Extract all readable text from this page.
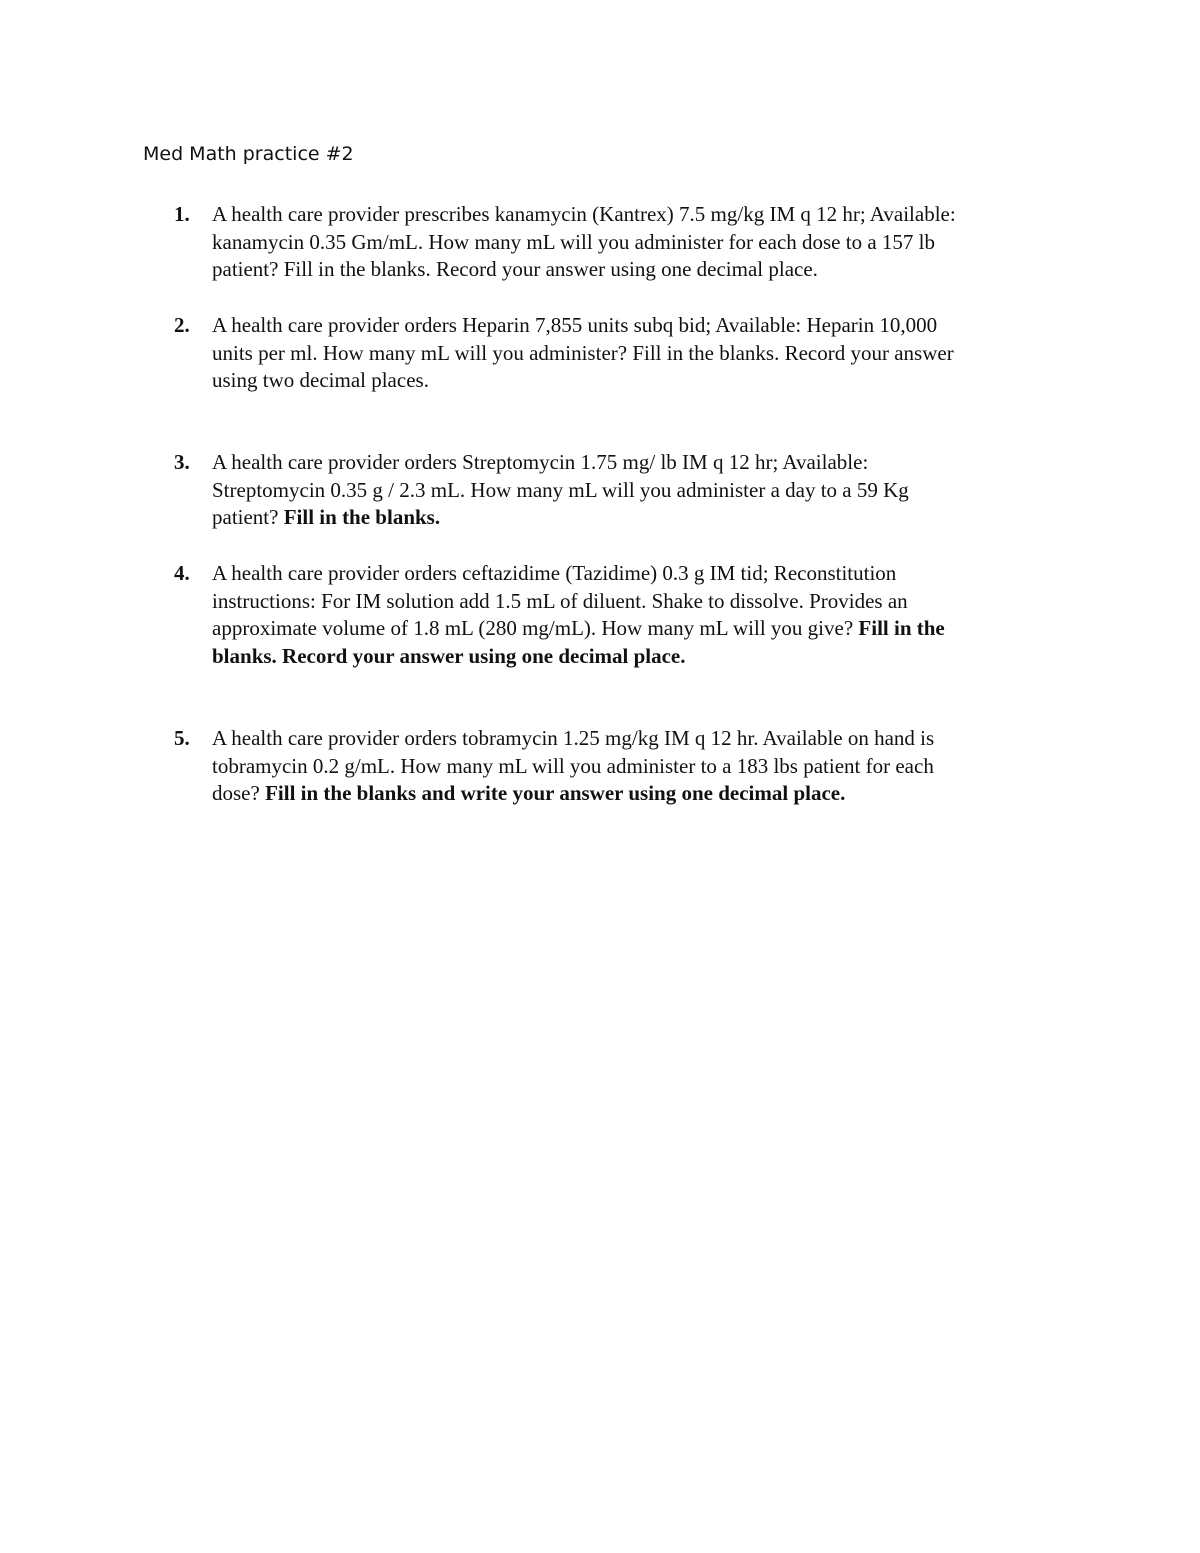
Med Math practice #2
1. A health care provider prescribes kanamycin (Kantrex) 7.5 mg/kg IM q 12 hr; Available:
kanamycin 0.35 Gm/mL. How many mL will you administer for each dose to a 157 lb
patient? Fill in the blanks. Record your answer using one decimal place.
2. A health care provider orders Heparin 7,855 units subq bid; Available: Heparin 10,000
units per ml. How many mL will you administer? Fill in the blanks. Record your answer
using two decimal places.
3. A health care provider orders Streptomycin 1.75 mg/ lb IM q 12 hr; Available:
Streptomycin 0.35 g / 2.3 mL. How many mL will you administer a day to a 59 Kg
patient? Fill in the blanks.
4. A health care provider orders ceftazidime (Tazidime) 0.3 g IM tid; Reconstitution
instructions: For IM solution add 1.5 mL of diluent. Shake to dissolve. Provides an
approximate volume of 1.8 mL (280 mg/mL). How many mL will you give? Fill in the
blanks. Record your answer using one decimal place.
5. A health care provider orders tobramycin 1.25 mg/kg IM q 12 hr. Available on hand is
tobramycin 0.2 g/mL. How many mL will you administer to a 183 lbs patient for each
dose? Fill in the blanks and write your answer using one decimal place.
